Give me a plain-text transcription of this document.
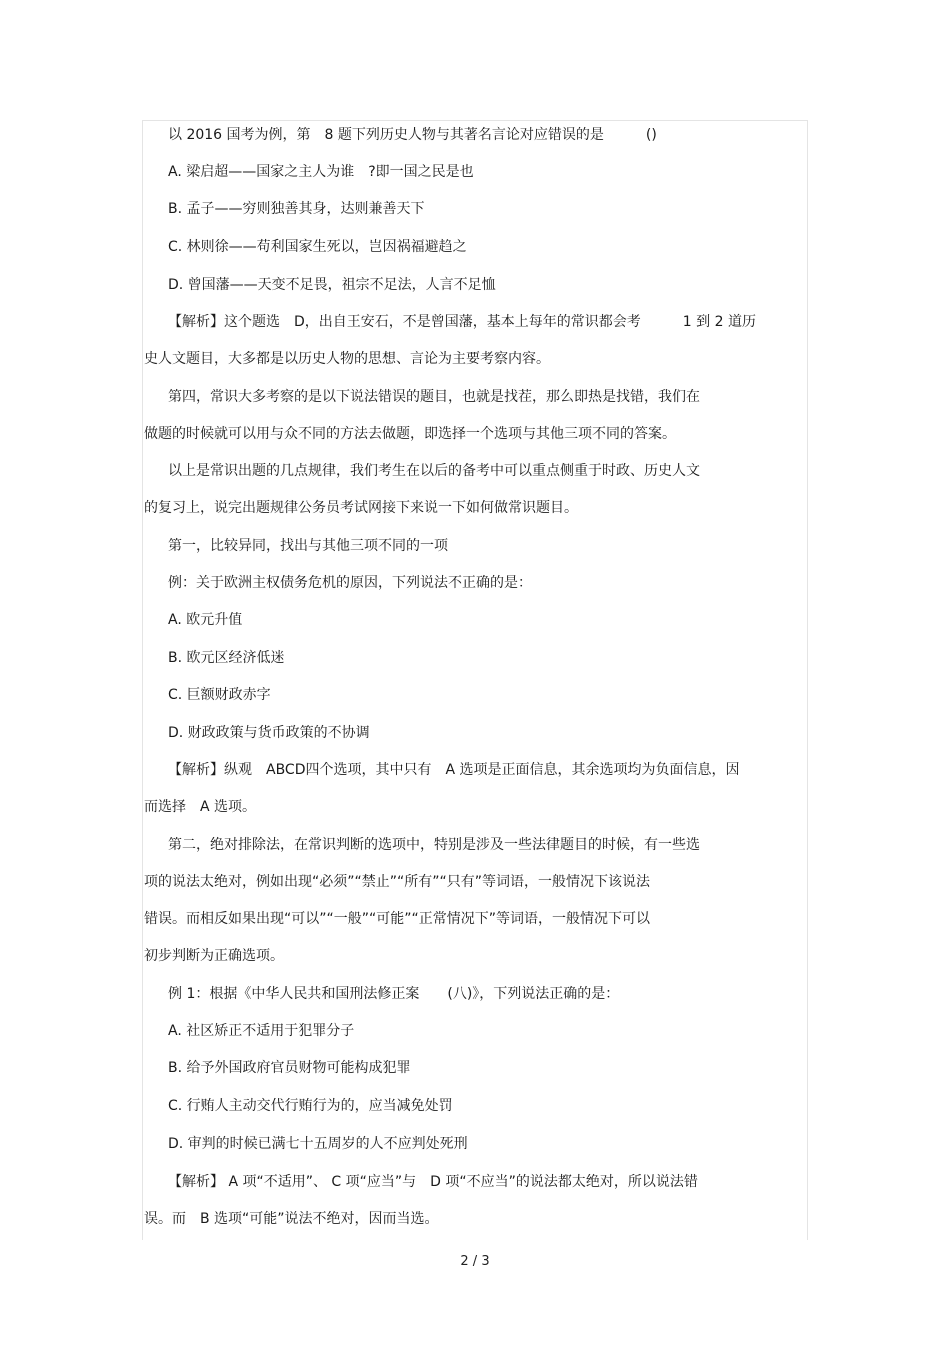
以 2016 国考为例，第　8 题下列历史人物与其著名言论对应错误的是　　　()
A. 梁启超——国家之主人为谁　?即一国之民是也
B. 孟子——穷则独善其身，达则兼善天下
C. 林则徐——苟利国家生死以，岂因祸福避趋之
D. 曾国藩——天变不足畏，祖宗不足法，人言不足恤
【解析】这个题选　D，出自王安石，不是曾国藩，基本上每年的常识都会考　　　1 到 2 道历
史人文题目，大多都是以历史人物的思想、言论为主要考察内容。
第四，常识大多考察的是以下说法错误的题目，也就是找茬，那么即热是找错，我们在
做题的时候就可以用与众不同的方法去做题，即选择一个选项与其他三项不同的答案。
以上是常识出题的几点规律，我们考生在以后的备考中可以重点侧重于时政、历史人文
的复习上，说完出题规律公务员考试网接下来说一下如何做常识题目。
第一，比较异同，找出与其他三项不同的一项
例：关于欧洲主权债务危机的原因，下列说法不正确的是：
A. 欧元升值
B. 欧元区经济低迷
C. 巨额财政赤字
D. 财政政策与货币政策的不协调
【解析】纵观　ABCD四个选项，其中只有　A 选项是正面信息，其余选项均为负面信息，因
而选择　A 选项。
第二，绝对排除法，在常识判断的选项中，特别是涉及一些法律题目的时候，有一些选
项的说法太绝对，例如出现“必须”“禁止”“所有”“只有”等词语，一般情况下该说法
错误。而相反如果出现“可以”“一般”“可能”“正常情况下”等词语，一般情况下可以
初步判断为正确选项。
例 1：根据《中华人民共和国刑法修正案　　(八)》，下列说法正确的是：
A. 社区矫正不适用于犯罪分子
B. 给予外国政府官员财物可能构成犯罪
C. 行贿人主动交代行贿行为的，应当减免处罚
D. 审判的时候已满七十五周岁的人不应判处死刑
【解析】 A 项“不适用”、 C 项“应当”与　D 项“不应当”的说法都太绝对，所以说法错
误。而　B 选项“可能”说法不绝对，因而当选。
2 / 3
